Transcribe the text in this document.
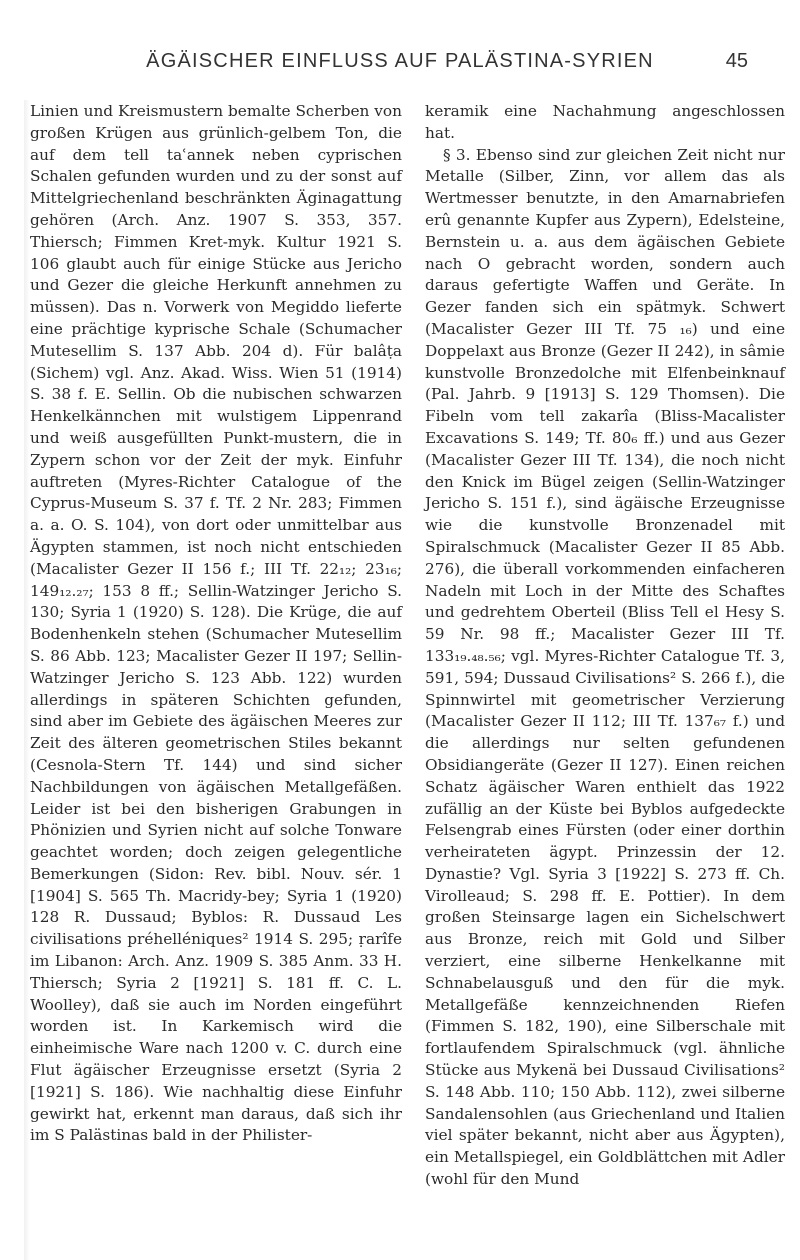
ÄGÄISCHER EINFLUSS AUF PALÄSTINA-SYRIEN	45

Linien und Kreismustern bemalte Scherben von großen Krügen aus grünlich-gelbem Ton, die auf dem tell taʿannek neben cyprischen Schalen gefunden wurden und zu der sonst auf Mittelgriechenland beschränkten Äginagattung gehören (Arch. Anz. 1907 S. 353, 357. Thiersch; Fimmen Kret-myk. Kultur 1921 S. 106 glaubt auch für einige Stücke aus Jericho und Gezer die gleiche Herkunft annehmen zu müssen). Das n. Vorwerk von Megiddo lieferte eine prächtige kyprische Schale (Schumacher Mutesellim S. 137 Abb. 204 d). Für balâṭa (Sichem) vgl. Anz. Akad. Wiss. Wien 51 (1914) S. 38 f. E. Sellin. Ob die nubischen schwarzen Henkelkännchen mit wulstigem Lippenrand und weiß ausgefüllten Punkt-mustern, die in Zypern schon vor der Zeit der myk. Einfuhr auftreten (Myres-Richter Catalogue of the Cyprus-Museum S. 37 f. Tf. 2 Nr. 283; Fimmen a. a. O. S. 104), von dort oder unmittelbar aus Ägypten stammen, ist noch nicht entschieden (Macalister Gezer II 156 f.; III Tf. 22₁₂; 23₁₆; 149₁₂.₂₇; 153 8 ff.; Sellin-Watzinger Jericho S. 130; Syria 1 (1920) S. 128). Die Krüge, die auf Bodenhenkeln stehen (Schumacher Mutesellim S. 86 Abb. 123; Macalister Gezer II 197; Sellin-Watzinger Jericho S. 123 Abb. 122) wurden allerdings in späteren Schichten gefunden, sind aber im Gebiete des ägäischen Meeres zur Zeit des älteren geometrischen Stiles bekannt (Cesnola-Stern Tf. 144) und sind sicher Nachbildungen von ägäischen Metallgefäßen. Leider ist bei den bisherigen Grabungen in Phönizien und Syrien nicht auf solche Tonware geachtet worden; doch zeigen gelegentliche Bemerkungen (Sidon: Rev. bibl. Nouv. sér. 1 [1904] S. 565 Th. Macridy-bey; Syria 1 (1920) 128 R. Dussaud; Byblos: R. Dussaud Les civilisations préhelléniques² 1914 S. 295; ṛarîfe im Libanon: Arch. Anz. 1909 S. 385 Anm. 33 H. Thiersch; Syria 2 [1921] S. 181 ff. C. L. Woolley), daß sie auch im Norden eingeführt worden ist. In Karkemisch wird die einheimische Ware nach 1200 v. C. durch eine Flut ägäischer Erzeugnisse ersetzt (Syria 2 [1921] S. 186). Wie nachhaltig diese Einfuhr gewirkt hat, erkennt man daraus, daß sich ihr im S Palästinas bald in der Philister-

keramik eine Nachahmung angeschlossen hat.

§ 3. Ebenso sind zur gleichen Zeit nicht nur Metalle (Silber, Zinn, vor allem das als Wertmesser benutzte, in den Amarnabriefen erû genannte Kupfer aus Zypern), Edelsteine, Bernstein u. a. aus dem ägäischen Gebiete nach O gebracht worden, sondern auch daraus gefertigte Waffen und Geräte. In Gezer fanden sich ein spätmyk. Schwert (Macalister Gezer III Tf. 75 ₁₆) und eine Doppelaxt aus Bronze (Gezer II 242), in sâmie kunstvolle Bronzedolche mit Elfenbeinknauf (Pal. Jahrb. 9 [1913] S. 129 Thomsen). Die Fibeln vom tell zakarîa (Bliss-Macalister Excavations S. 149; Tf. 80₆ ff.) und aus Gezer (Macalister Gezer III Tf. 134), die noch nicht den Knick im Bügel zeigen (Sellin-Watzinger Jericho S. 151 f.), sind ägäische Erzeugnisse wie die kunstvolle Bronzenadel mit Spiralschmuck (Macalister Gezer II 85 Abb. 276), die überall vorkommenden einfacheren Nadeln mit Loch in der Mitte des Schaftes und gedrehtem Oberteil (Bliss Tell el Hesy S. 59 Nr. 98 ff.; Macalister Gezer III Tf. 133₁₉.₄₈.₅₆; vgl. Myres-Richter Catalogue Tf. 3, 591, 594; Dussaud Civilisations² S. 266 f.), die Spinnwirtel mit geometrischer Verzierung (Macalister Gezer II 112; III Tf. 137₆₇ f.) und die allerdings nur selten gefundenen Obsidiangeräte (Gezer II 127). Einen reichen Schatz ägäischer Waren enthielt das 1922 zufällig an der Küste bei Byblos aufgedeckte Felsengrab eines Fürsten (oder einer dorthin verheirateten ägypt. Prinzessin der 12. Dynastie? Vgl. Syria 3 [1922] S. 273 ff. Ch. Virolleaud; S. 298 ff. E. Pottier). In dem großen Steinsarge lagen ein Sichelschwert aus Bronze, reich mit Gold und Silber verziert, eine silberne Henkelkanne mit Schnabelausguß und den für die myk. Metallgefäße kennzeichnenden Riefen (Fimmen S. 182, 190), eine Silberschale mit fortlaufendem Spiralschmuck (vgl. ähnliche Stücke aus Mykenä bei Dussaud Civilisations² S. 148 Abb. 110; 150 Abb. 112), zwei silberne Sandalensohlen (aus Griechenland und Italien viel später bekannt, nicht aber aus Ägypten), ein Metallspiegel, ein Goldblättchen mit Adler (wohl für den Mund
